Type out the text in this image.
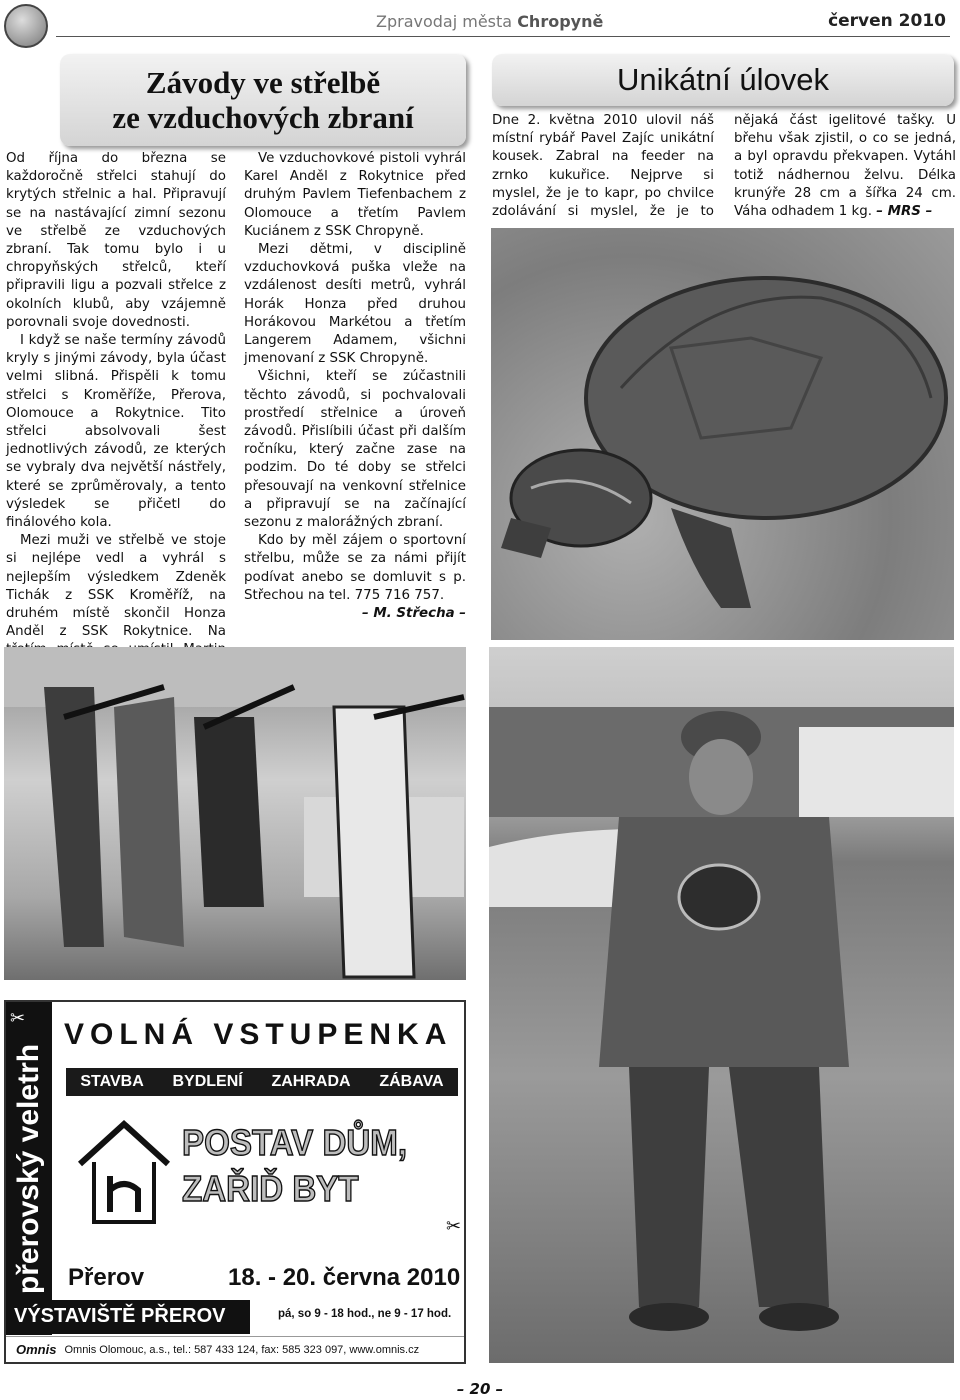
Zpravodaj města Chropyně	červen 2010
Závody ve střelbě
ze vzduchových zbraní
Unikátní úlovek

Od října do března se každoročně střelci stahují do krytých střelnic a hal. Připravují se na nastávající zimní sezonu ve střelbě ze vzduchových zbraní. Tak tomu bylo i u chropyňských střelců, kteří připravili ligu a pozvali střelce z okolních klubů, aby vzájemně porovnali svoje dovednosti.

I když se naše termíny závodů kryly s jinými závody, byla účast velmi slibná. Přispěli k tomu střelci s Kroměříže, Přerova, Olomouce a Rokytnice. Tito střelci absolvovali šest jednotlivých závodů, ze kterých se vybraly dva největší nástřely, které se zprůměrovaly, a tento výsledek se přičetl do finálového kola.

Mezi muži ve střelbě ve stoje si nejlépe vedl a vyhrál s nejlepším výsledkem Zdeněk Tichák z SSK Kroměříž, na druhém místě skončil Honza Anděl z SSK Rokytnice. Na

Ve vzduchovkové pistoli vyhrál Karel Anděl z Rokytnice před druhým Pavlem Tiefenbachem z Olomouce a třetím Pavlem Kuciánem z SSK Chropyně.

Mezi dětmi, v disciplině vzduchovková puška vleže na vzdálenost desíti metrů, vyhrál Horák Honza před druhou Horákovou Markétou a třetím Langerem Adamem, všichni jmenovaní z SSK Chropyně.

Všichni, kteří se zúčastnili těchto závodů, si pochvalovali prostředí střelnice a úroveň závodů. Přislíbili účast při dalším ročníku, který začne zase na podzim. Do té doby se střelci přesouvají na venkovní střelnice a připravují se na začínající sezonu z malorážných zbraní.

Kdo by měl zájem o sportovní střelbu, může se za námi přijít podívat anebo se domluvit s p. Střechou na tel. 775 716 757.

– M. Střecha –

Dne 2. května 2010 ulovil náš místní rybář Pavel Zajíc unikátní kousek. Zabral na feeder na zrnko kukuřice. Nejprve si myslel, že je to kapr, po chvilce zdolávání si myslel, že je to nějaká část igelitové tašky. U břehu však zjistil, o co se jedná, a byl opravdu překvapen. Vytáhl totiž nádhernou želvu. Délka krunýře 28 cm a šířka 24 cm. Váha odhadem 1 kg. – MRS –

přerovský veletrh
✂
✂
VOLNÁ VSTUPENKA
STAVBA BYDLENÍ ZAHRADA ZÁBAVA
POSTAV DŮM,
ZAŘIĎ BYT
Přerov	18. - 20. června 2010
VÝSTAVIŠTĚ PŘEROV	pá, so 9 - 18 hod., ne 9 - 17 hod.
Omnis Omnis Olomouc, a.s., tel.: 587 433 124, fax: 585 323 097, www.omnis.cz
– 20 –
